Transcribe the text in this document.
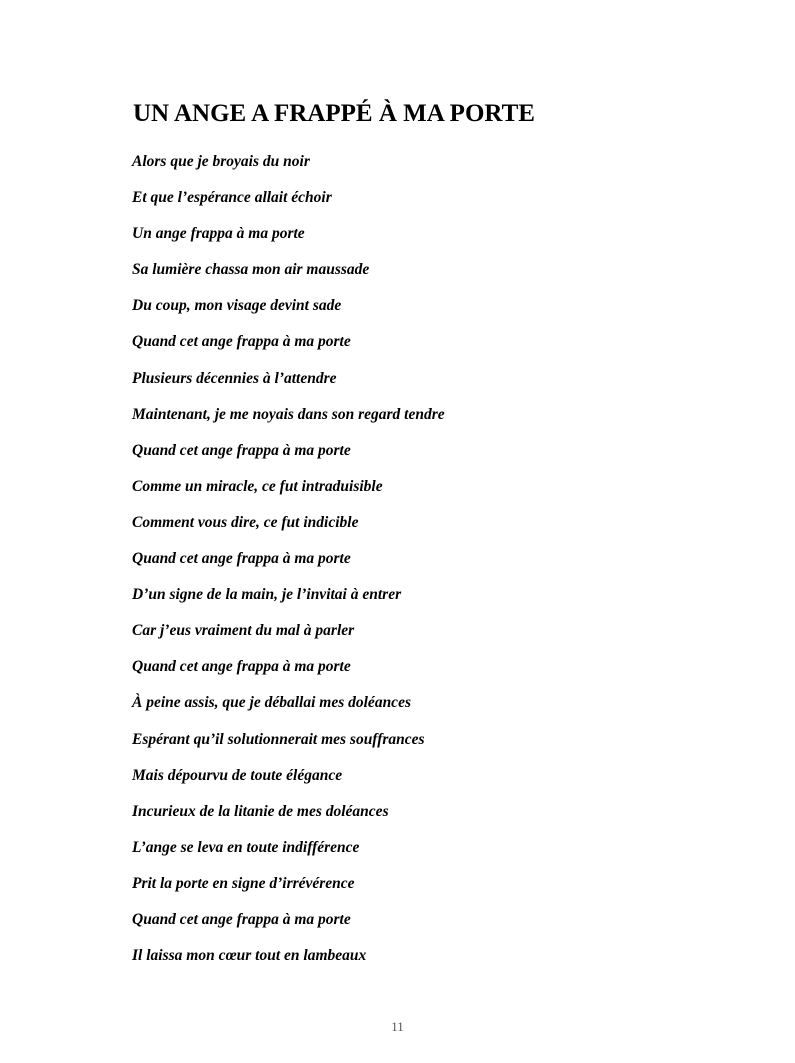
UN ANGE A FRAPPÉ À MA PORTE
Alors que je broyais du noir
Et que l’espérance allait échoir
Un ange frappa à ma porte
Sa lumière chassa mon air maussade
Du coup, mon visage devint sade
Quand cet ange frappa à ma porte
Plusieurs décennies à l’attendre
Maintenant, je me noyais dans son regard tendre
Quand cet ange frappa à ma porte
Comme un miracle, ce fut intraduisible
Comment vous dire, ce fut indicible
Quand cet ange frappa à ma porte
D’un signe de la main, je l’invitai à entrer
Car j’eus vraiment du mal à parler
Quand cet ange frappa à ma porte
À peine assis, que je déballai mes doléances
Espérant qu’il solutionnerait mes souffrances
Mais dépourvu de toute élégance
Incurieux de la litanie de mes doléances
L’ange se leva en toute indifférence
Prit la porte en signe d’irrévérence
Quand cet ange frappa à ma porte
Il laissa mon cœur tout en lambeaux
11
